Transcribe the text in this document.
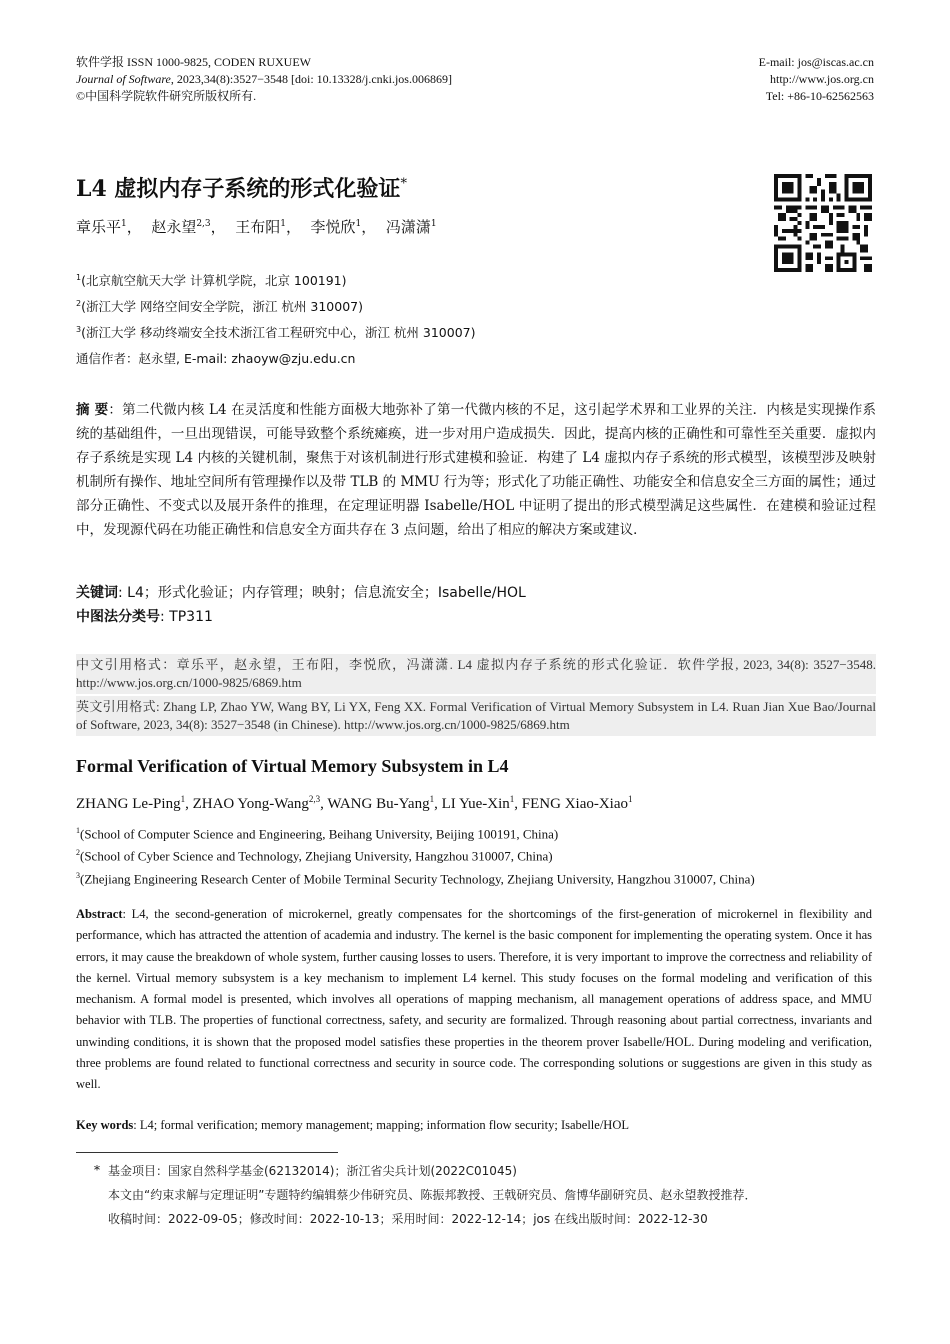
软件学报 ISSN 1000-9825, CODEN RUXUEW
Journal of Software, 2023,34(8):3527−3548 [doi: 10.13328/j.cnki.jos.006869]
©中国科学院软件研究所版权所有.
E-mail: jos@iscas.ac.cn
http://www.jos.org.cn
Tel: +86-10-62562563
L4 虚拟内存子系统的形式化验证*
章乐平$^1$， 赵永望$^{2,3}$， 王布阳$^1$， 李悦欣$^1$， 冯潇潇$^1$
$^1$(北京航空航天大学 计算机学院，北京 100191)
$^2$(浙江大学 网络空间安全学院，浙江 杭州 310007)
$^3$(浙江大学 移动终端安全技术浙江省工程研究中心，浙江 杭州 310007)
通信作者：赵永望, E-mail: zhaoyw@zju.edu.cn
摘 要：第二代微内核 L4 在灵活度和性能方面极大地弥补了第一代微内核的不足，这引起学术界和工业界的关注．内核是实现操作系统的基础组件，一旦出现错误，可能导致整个系统瘫痪，进一步对用户造成损失．因此，提高内核的正确性和可靠性至关重要．虚拟内存子系统是实现 L4 内核的关键机制，聚焦于对该机制进行形式建模和验证．构建了 L4 虚拟内存子系统的形式模型，该模型涉及映射机制所有操作、地址空间所有管理操作以及带 TLB 的 MMU 行为等；形式化了功能正确性、功能安全和信息安全三方面的属性；通过部分正确性、不变式以及展开条件的推理，在定理证明器 Isabelle/HOL 中证明了提出的形式模型满足这些属性．在建模和验证过程中，发现源代码在功能正确性和信息安全方面共存在 3 点问题，给出了相应的解决方案或建议．
关键词: L4；形式化验证；内存管理；映射；信息流安全；Isabelle/HOL
中图法分类号: TP311
中文引用格式：章乐平，赵永望，王布阳，李悦欣，冯潇潇. L4 虚拟内存子系统的形式化验证．软件学报, 2023, 34(8): 3527−3548. http://www.jos.org.cn/1000-9825/6869.htm
英文引用格式: Zhang LP, Zhao YW, Wang BY, Li YX, Feng XX. Formal Verification of Virtual Memory Subsystem in L4. Ruan Jian Xue Bao/Journal of Software, 2023, 34(8): 3527−3548 (in Chinese). http://www.jos.org.cn/1000-9825/6869.htm
Formal Verification of Virtual Memory Subsystem in L4
ZHANG Le-Ping$^1$, ZHAO Yong-Wang$^{2,3}$, WANG Bu-Yang$^1$, LI Yue-Xin$^1$, FENG Xiao-Xiao$^1$
$^1$(School of Computer Science and Engineering, Beihang University, Beijing 100191, China)
$^2$(School of Cyber Science and Technology, Zhejiang University, Hangzhou 310007, China)
$^3$(Zhejiang Engineering Research Center of Mobile Terminal Security Technology, Zhejiang University, Hangzhou 310007, China)
Abstract: L4, the second-generation of microkernel, greatly compensates for the shortcomings of the first-generation of microkernel in flexibility and performance, which has attracted the attention of academia and industry. The kernel is the basic component for implementing the operating system. Once it has errors, it may cause the breakdown of whole system, further causing losses to users. Therefore, it is very important to improve the correctness and reliability of the kernel. Virtual memory subsystem is a key mechanism to implement L4 kernel. This study focuses on the formal modeling and verification of this mechanism. A formal model is presented, which involves all operations of mapping mechanism, all management operations of address space, and MMU behavior with TLB. The properties of functional correctness, safety, and security are formalized. Through reasoning about partial correctness, invariants and unwinding conditions, it is shown that the proposed model satisfies these properties in the theorem prover Isabelle/HOL. During modeling and verification, three problems are found related to functional correctness and security in source code. The corresponding solutions or suggestions are given in this study as well.
Key words: L4; formal verification; memory management; mapping; information flow security; Isabelle/HOL
* 基金项目：国家自然科学基金(62132014)；浙江省尖兵计划(2022C01045)
本文由“约束求解与定理证明”专题特约编辑蔡少伟研究员、陈振邦教授、王戟研究员、詹博华副研究员、赵永望教授推荐．
收稿时间：2022-09-05；修改时间：2022-10-13；采用时间：2022-12-14；jos 在线出版时间：2022-12-30
